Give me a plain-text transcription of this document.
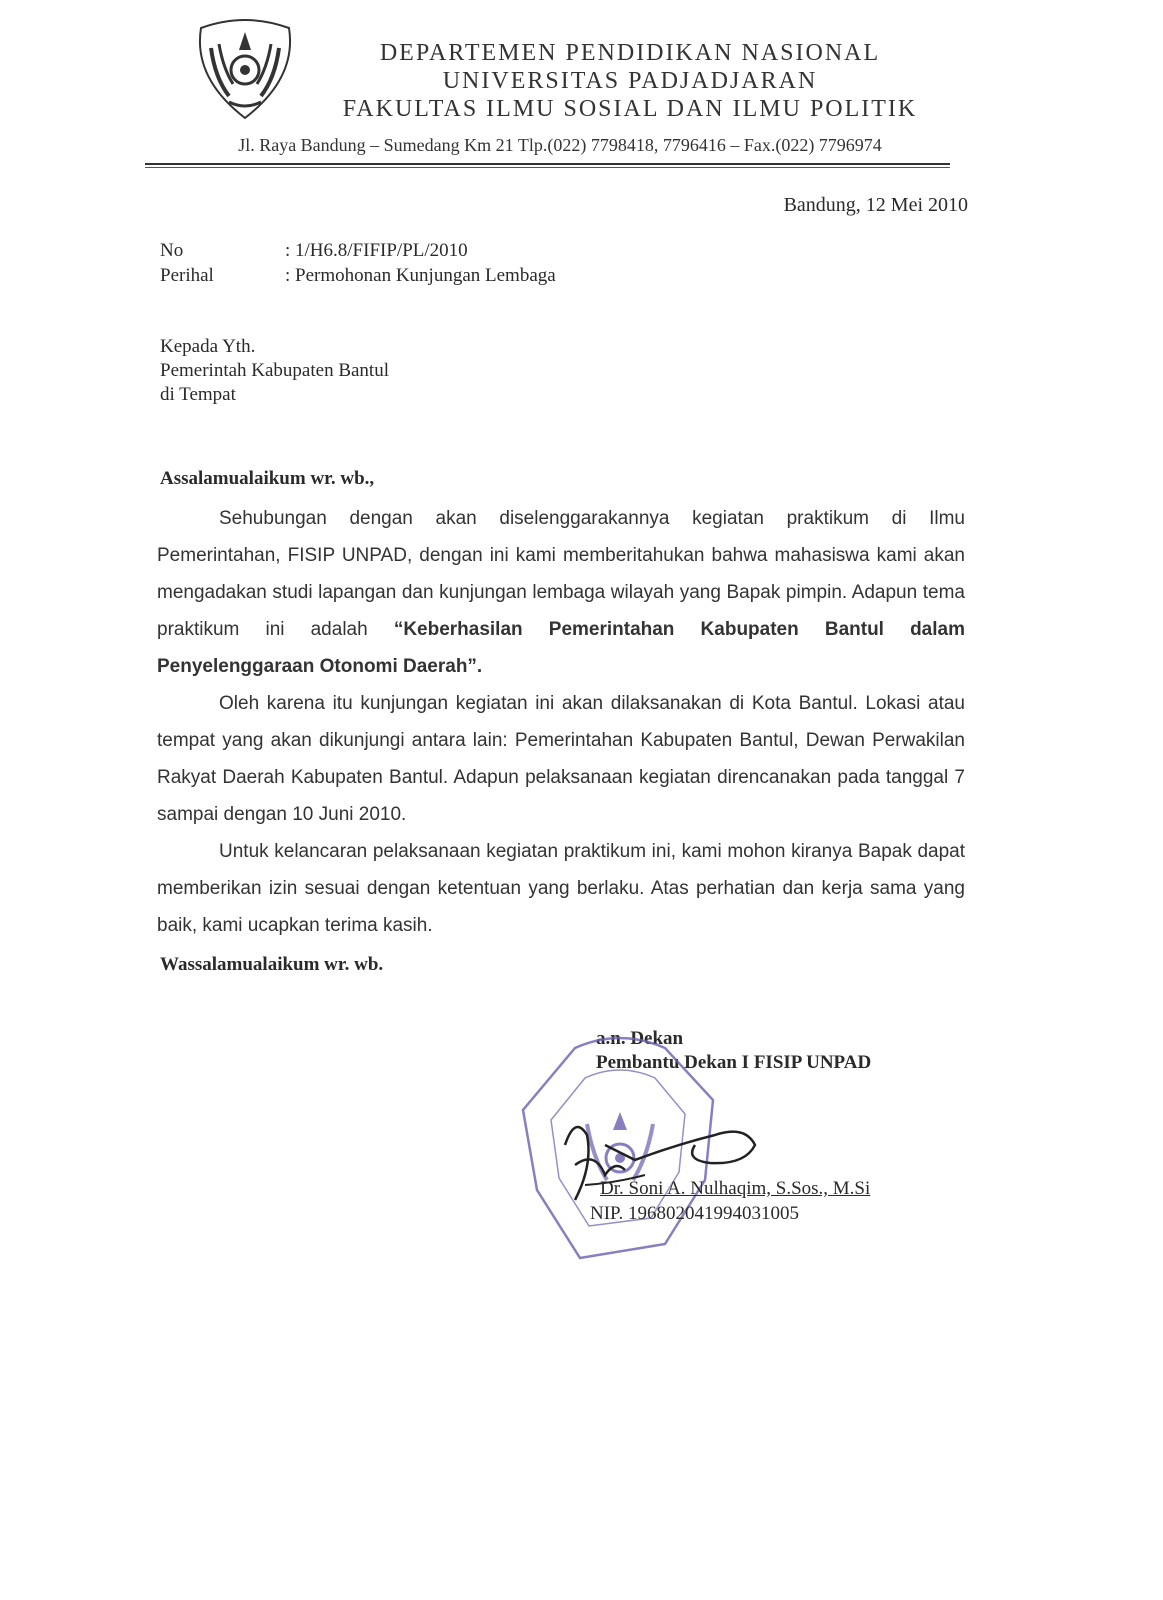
DEPARTEMEN PENDIDIKAN NASIONAL
UNIVERSITAS PADJADJARAN
FAKULTAS ILMU SOSIAL DAN ILMU POLITIK
Jl. Raya Bandung – Sumedang Km 21 Tlp.(022) 7798418, 7796416 – Fax.(022) 7796974
Bandung, 12 Mei 2010
No	: 1/H6.8/FIFIP/PL/2010
Perihal	: Permohonan Kunjungan Lembaga
Kepada Yth.
Pemerintah Kabupaten Bantul
di Tempat
Assalamualaikum wr. wb.,
Sehubungan dengan akan diselenggarakannya kegiatan praktikum di Ilmu Pemerintahan, FISIP UNPAD, dengan ini kami memberitahukan bahwa mahasiswa kami akan mengadakan studi lapangan dan kunjungan lembaga wilayah yang Bapak pimpin. Adapun tema praktikum ini adalah “Keberhasilan Pemerintahan Kabupaten Bantul dalam Penyelenggaraan Otonomi Daerah”.
Oleh karena itu kunjungan kegiatan ini akan dilaksanakan di Kota Bantul. Lokasi atau tempat yang akan dikunjungi antara lain: Pemerintahan Kabupaten Bantul, Dewan Perwakilan Rakyat Daerah Kabupaten Bantul. Adapun pelaksanaan kegiatan direncanakan pada tanggal 7 sampai dengan 10 Juni 2010.
Untuk kelancaran pelaksanaan kegiatan praktikum ini, kami mohon kiranya Bapak dapat memberikan izin sesuai dengan ketentuan yang berlaku. Atas perhatian dan kerja sama yang baik, kami ucapkan terima kasih.
Wassalamualaikum wr. wb.
a.n. Dekan
Pembantu Dekan I FISIP UNPAD
Dr. Soni A. Nulhaqim, S.Sos., M.Si
NIP. 196802041994031005
